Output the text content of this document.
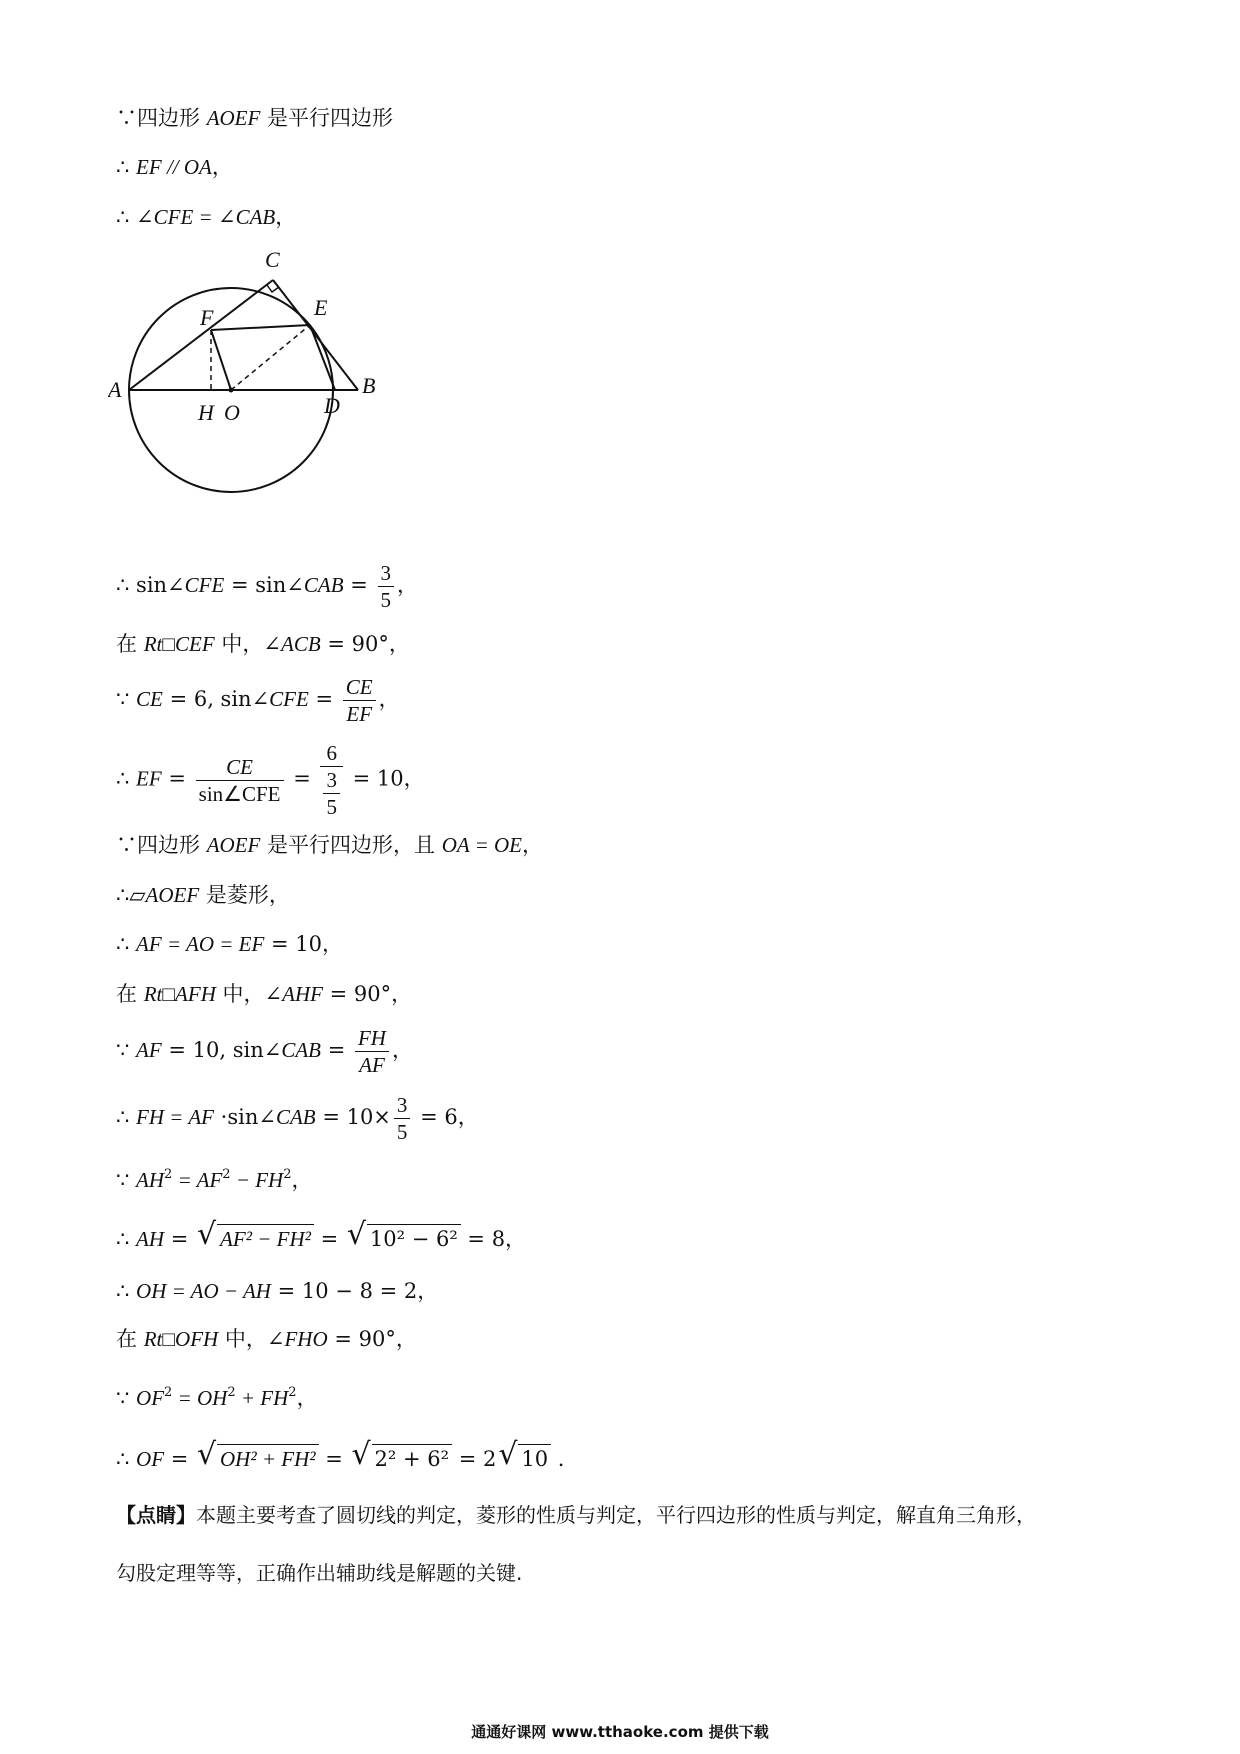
∵四边形 AOEF 是平行四边形
∴ EF // OA，
∴ ∠CFE = ∠CAB，
A	B
C
D
E
F
H O
∴ sin∠CFE = sin∠CAB = $\frac{3}{5}$ ，
在 Rt□CEF 中，∠ACB = 90°，
∵ CE = 6, sin∠CFE = $\frac{CE}{EF}$ ，
∴ EF = $\frac{CE}{\text{sin∠CFE}} = \frac{6}{\frac{3}{5}} = 10$，
∵四边形 AOEF 是平行四边形，且 OA = OE，
∴▱AOEF 是菱形，
∴ AF = AO = EF = 10，
在 Rt□AFH 中，∠AHF = 90°，
∵ AF = 10, sin∠CAB = $\frac{FH}{AF}$ ，
∴ FH = AF ·sin∠CAB = $10\times \frac{3}{5} = 6$，
∵ $AH^2 = AF^2 - FH^2$，
∴ AH = √ AF² − FH² = √ 10² − 6² = 8，
∴ OH = AO − AH = 10 − 8 = 2，
在 Rt□OFH 中，∠FHO = 90°，
∵ $OF^2 = OH^2 + FH^2$，
∴ OF = √ OH² + FH² = √ 2² + 6² = 2 √ 10 .
【点睛】本题主要考查了圆切线的判定，菱形的性质与判定，平行四边形的性质与判定，解直角三角形，
勾股定理等等，正确作出辅助线是解题的关键.
通通好课网 www.tthaoke.com 提供下载
